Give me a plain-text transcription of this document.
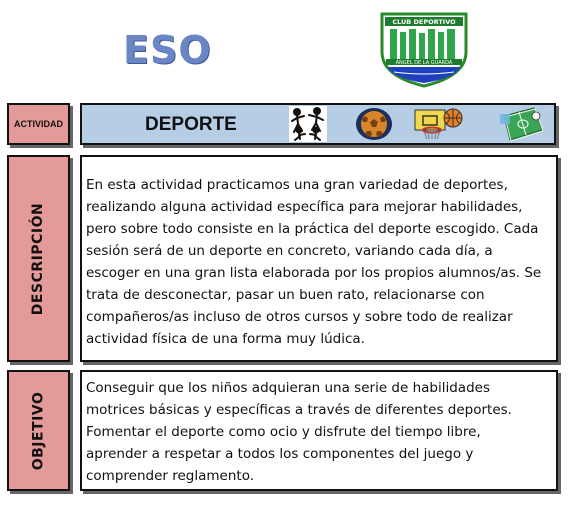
ESO
CLUB DEPORTIVO
ÁNGEL DE LA GUARDA
ACTIVIDAD	DEPORTE
DESCRIPCIÓN
En esta actividad practicamos una gran variedad de deportes,
realizando alguna actividad específica para mejorar habilidades,
pero sobre todo consiste en la práctica del deporte escogido. Cada
sesión será de un deporte en concreto, variando cada día, a
escoger en una gran lista elaborada por los propios alumnos/as. Se
trata de desconectar, pasar un buen rato, relacionarse con
compañeros/as incluso de otros cursos y sobre todo de realizar
actividad física de una forma muy lúdica.
OBJETIVO
Conseguir que los niños adquieran una serie de habilidades
motrices básicas y específicas a través de diferentes deportes.
Fomentar el deporte como ocio y disfrute del tiempo libre,
aprender a respetar a todos los componentes del juego y
comprender reglamento.
